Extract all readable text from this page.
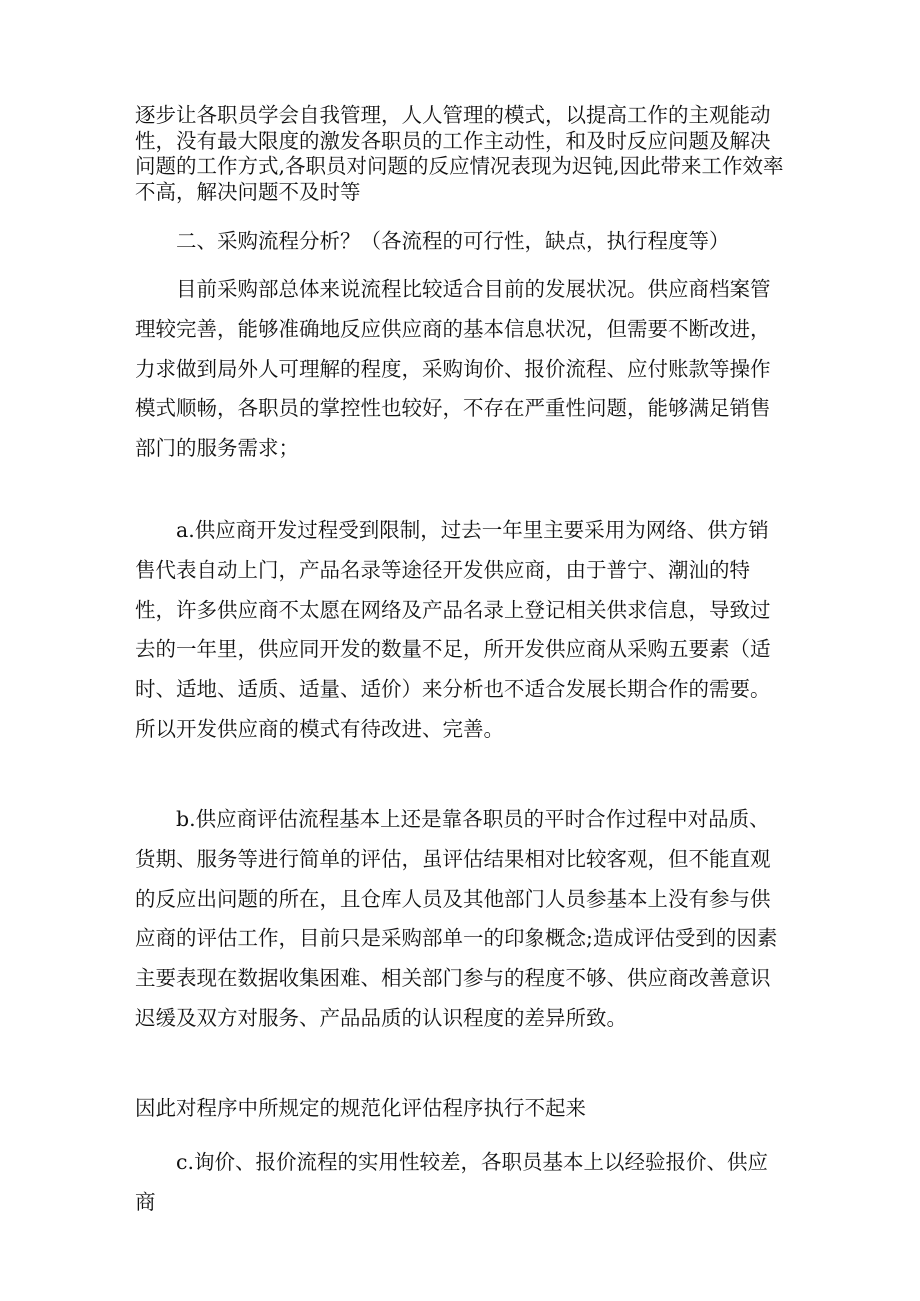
逐步让各职员学会自我管理，人人管理的模式，以提高工作的主观能动性，没有最大限度的激发各职员的工作主动性，和及时反应问题及解决问题的工作方式,各职员对问题的反应情况表现为迟钝,因此带来工作效率不高，解决问题不及时等

二、采购流程分析？（各流程的可行性，缺点，执行程度等）

目前采购部总体来说流程比较适合目前的发展状况。供应商档案管理较完善，能够准确地反应供应商的基本信息状况，但需要不断改进，力求做到局外人可理解的程度，采购询价、报价流程、应付账款等操作模式顺畅，各职员的掌控性也较好，不存在严重性问题，能够满足销售部门的服务需求；

a.供应商开发过程受到限制，过去一年里主要采用为网络、供方销售代表自动上门，产品名录等途径开发供应商，由于普宁、潮汕的特性，许多供应商不太愿在网络及产品名录上登记相关供求信息，导致过去的一年里，供应同开发的数量不足，所开发供应商从采购五要素（适时、适地、适质、适量、适价）来分析也不适合发展长期合作的需要。所以开发供应商的模式有待改进、完善。

b.供应商评估流程基本上还是靠各职员的平时合作过程中对品质、货期、服务等进行简单的评估，虽评估结果相对比较客观，但不能直观的反应出问题的所在，且仓库人员及其他部门人员参基本上没有参与供应商的评估工作，目前只是采购部单一的印象概念;造成评估受到的因素主要表现在数据收集困难、相关部门参与的程度不够、供应商改善意识迟缓及双方对服务、产品品质的认识程度的差异所致。

因此对程序中所规定的规范化评估程序执行不起来

c.询价、报价流程的实用性较差，各职员基本上以经验报价、供应商
